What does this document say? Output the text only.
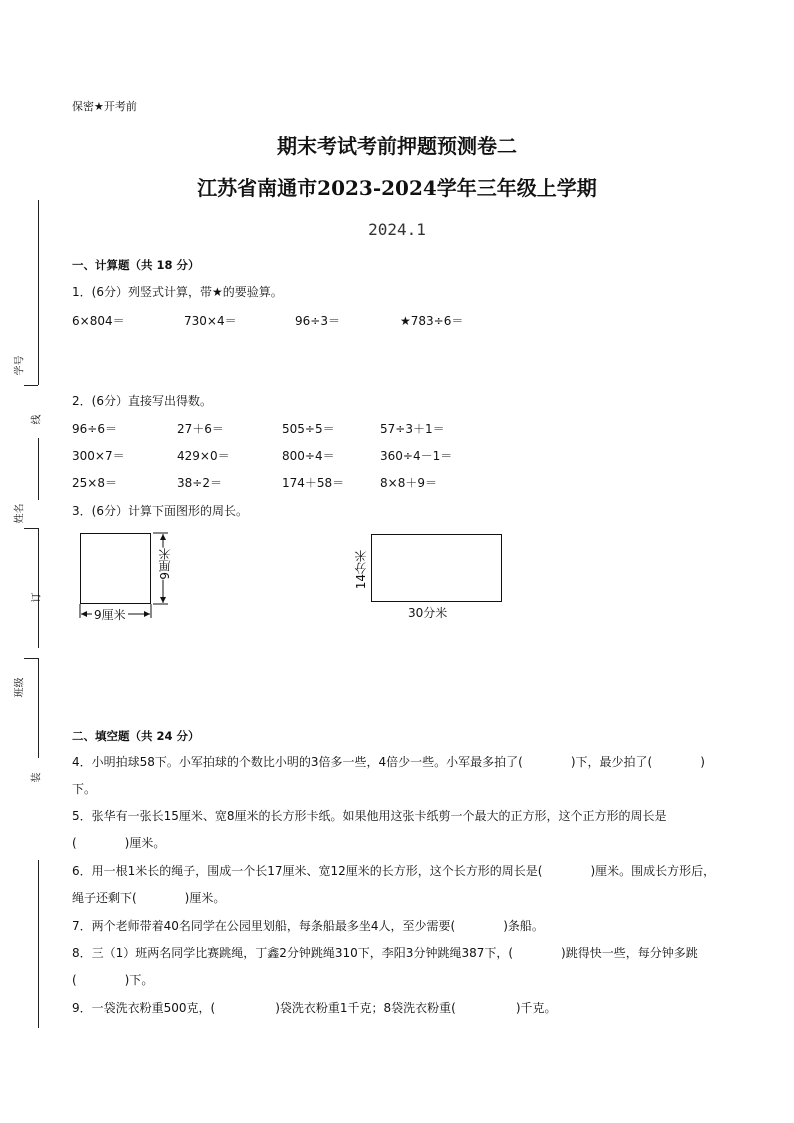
学号
线
姓名
订
班级
装
保密★开考前
期末考试考前押题预测卷二
江苏省南通市2023-2024学年三年级上学期
2024.1
一、计算题（共 18 分）
1．(6分）列竖式计算，带★的要验算。
6×804＝	730×4＝	96÷3＝	★783÷6＝
2．(6分）直接写出得数。
96÷6＝	27＋6＝	505÷5＝	57÷3＋1＝
300×7＝	429×0＝	800÷4＝	360÷4－1＝
25×8＝	38÷2＝	174＋58＝	8×8＋9＝
3．(6分）计算下面图形的周长。
9厘米
9厘米	14分米
30分米
二、填空题（共 24 分）
4．小明拍球58下。小军拍球的个数比小明的3倍多一些，4倍少一些。小军最多拍了(　　　　)下，最少拍了(　　　　)下。
5．张华有一张长15厘米、宽8厘米的长方形卡纸。如果他用这张卡纸剪一个最大的正方形，这个正方形的周长是(　　　　)厘米。
6．用一根1米长的绳子，围成一个长17厘米、宽12厘米的长方形，这个长方形的周长是(　　　　)厘米。围成长方形后，绳子还剩下(　　　　)厘米。
7．两个老师带着40名同学在公园里划船，每条船最多坐4人，至少需要(　　　　)条船。
8．三（1）班两名同学比赛跳绳，丁鑫2分钟跳绳310下，李阳3分钟跳绳387下，(　　　　)跳得快一些，每分钟多跳(　　　　)下。
9．一袋洗衣粉重500克，(　　　　　)袋洗衣粉重1千克；8袋洗衣粉重(　　　　　)千克。
